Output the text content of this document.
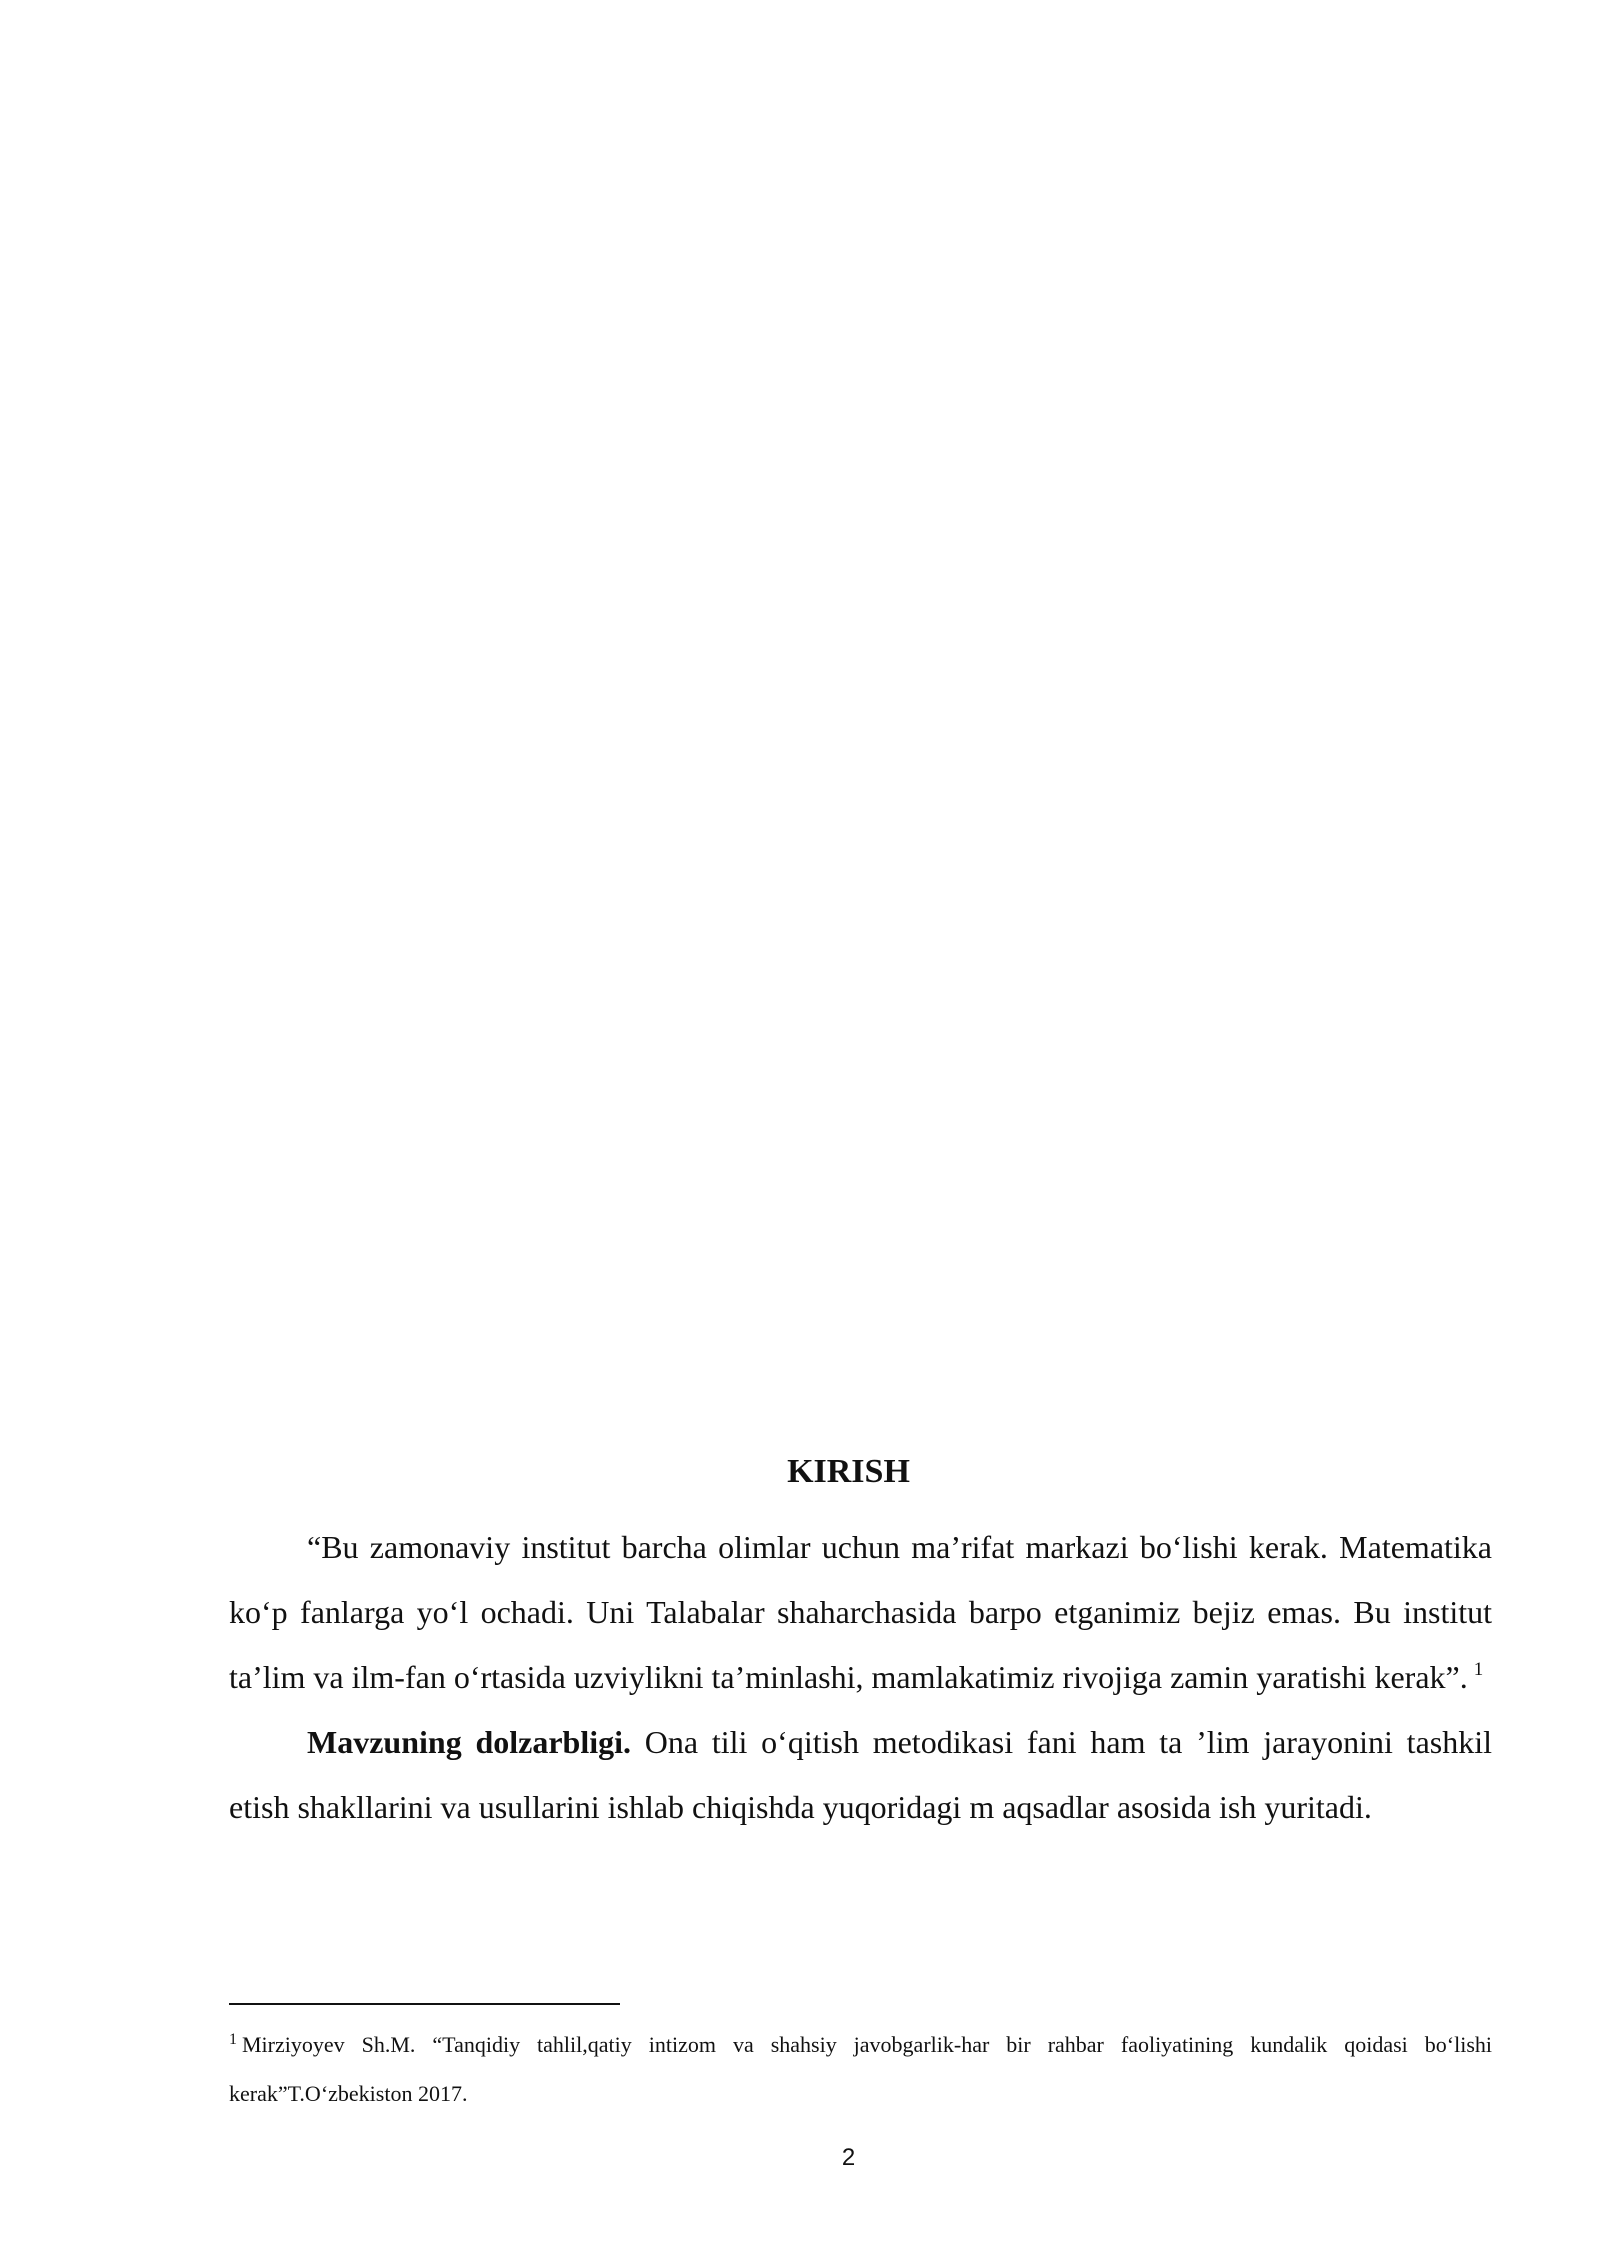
KIRISH

“Bu zamonaviy institut barcha olimlar uchun ma’rifat markazi bo‘lishi kerak. Matematika ko‘p fanlarga yo‘l ochadi. Uni Talabalar shaharchasida barpo etganimiz bejiz emas. Bu institut ta’lim va ilm-fan o‘rtasida uzviylikni ta’minlashi, mamlakatimiz rivojiga zamin yaratishi kerak”. $^1$

Mavzuning dolzarbligi. Ona tili o‘qitish metodikasi fani ham ta ’lim jarayonini tashkil etish shakllarini va usullarini ishlab chiqishda yuqoridagi m aqsadlar asosida ish yuritadi.

$^1$ Mirziyoyev Sh.M. “Tanqidiy tahlil,qatiy intizom va shahsiy javobgarlik-har bir rahbar faoliyatining kundalik qoidasi bo‘lishi kerak”T.O‘zbekiston 2017.
2
